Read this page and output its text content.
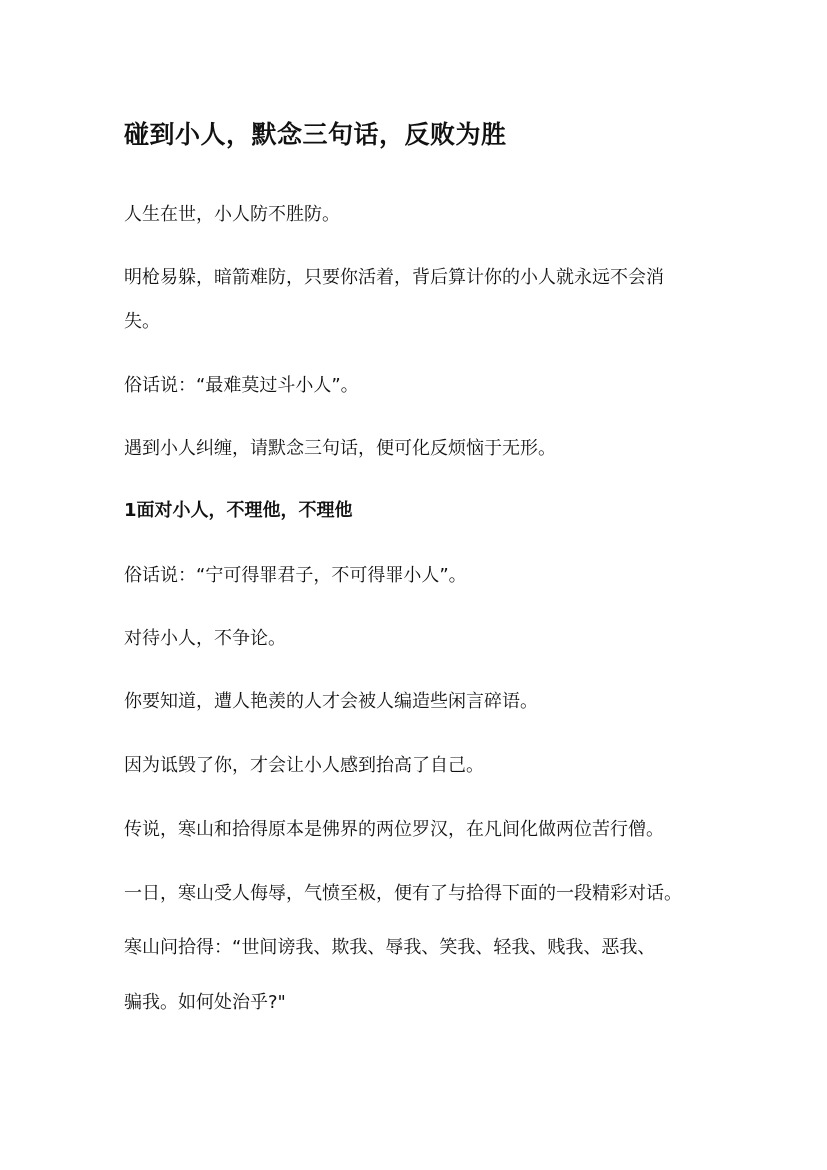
碰到小人，默念三句话，反败为胜
人生在世，小人防不胜防。
明枪易躲，暗箭难防，只要你活着，背后算计你的小人就永远不会消
失。
俗话说：“最难莫过斗小人”。
遇到小人纠缠，请默念三句话，便可化反烦恼于无形。
1面对小人，不理他，不理他
俗话说：“宁可得罪君子，不可得罪小人”。
对待小人，不争论。
你要知道，遭人艳羡的人才会被人编造些闲言碎语。
因为诋毁了你，才会让小人感到抬高了自己。
传说，寒山和拾得原本是佛界的两位罗汉，在凡间化做两位苦行僧。
一日，寒山受人侮辱，气愤至极，便有了与拾得下面的一段精彩对话。
寒山问拾得：“世间谤我、欺我、辱我、笑我、轻我、贱我、恶我、
骗我。如何处治乎?"
